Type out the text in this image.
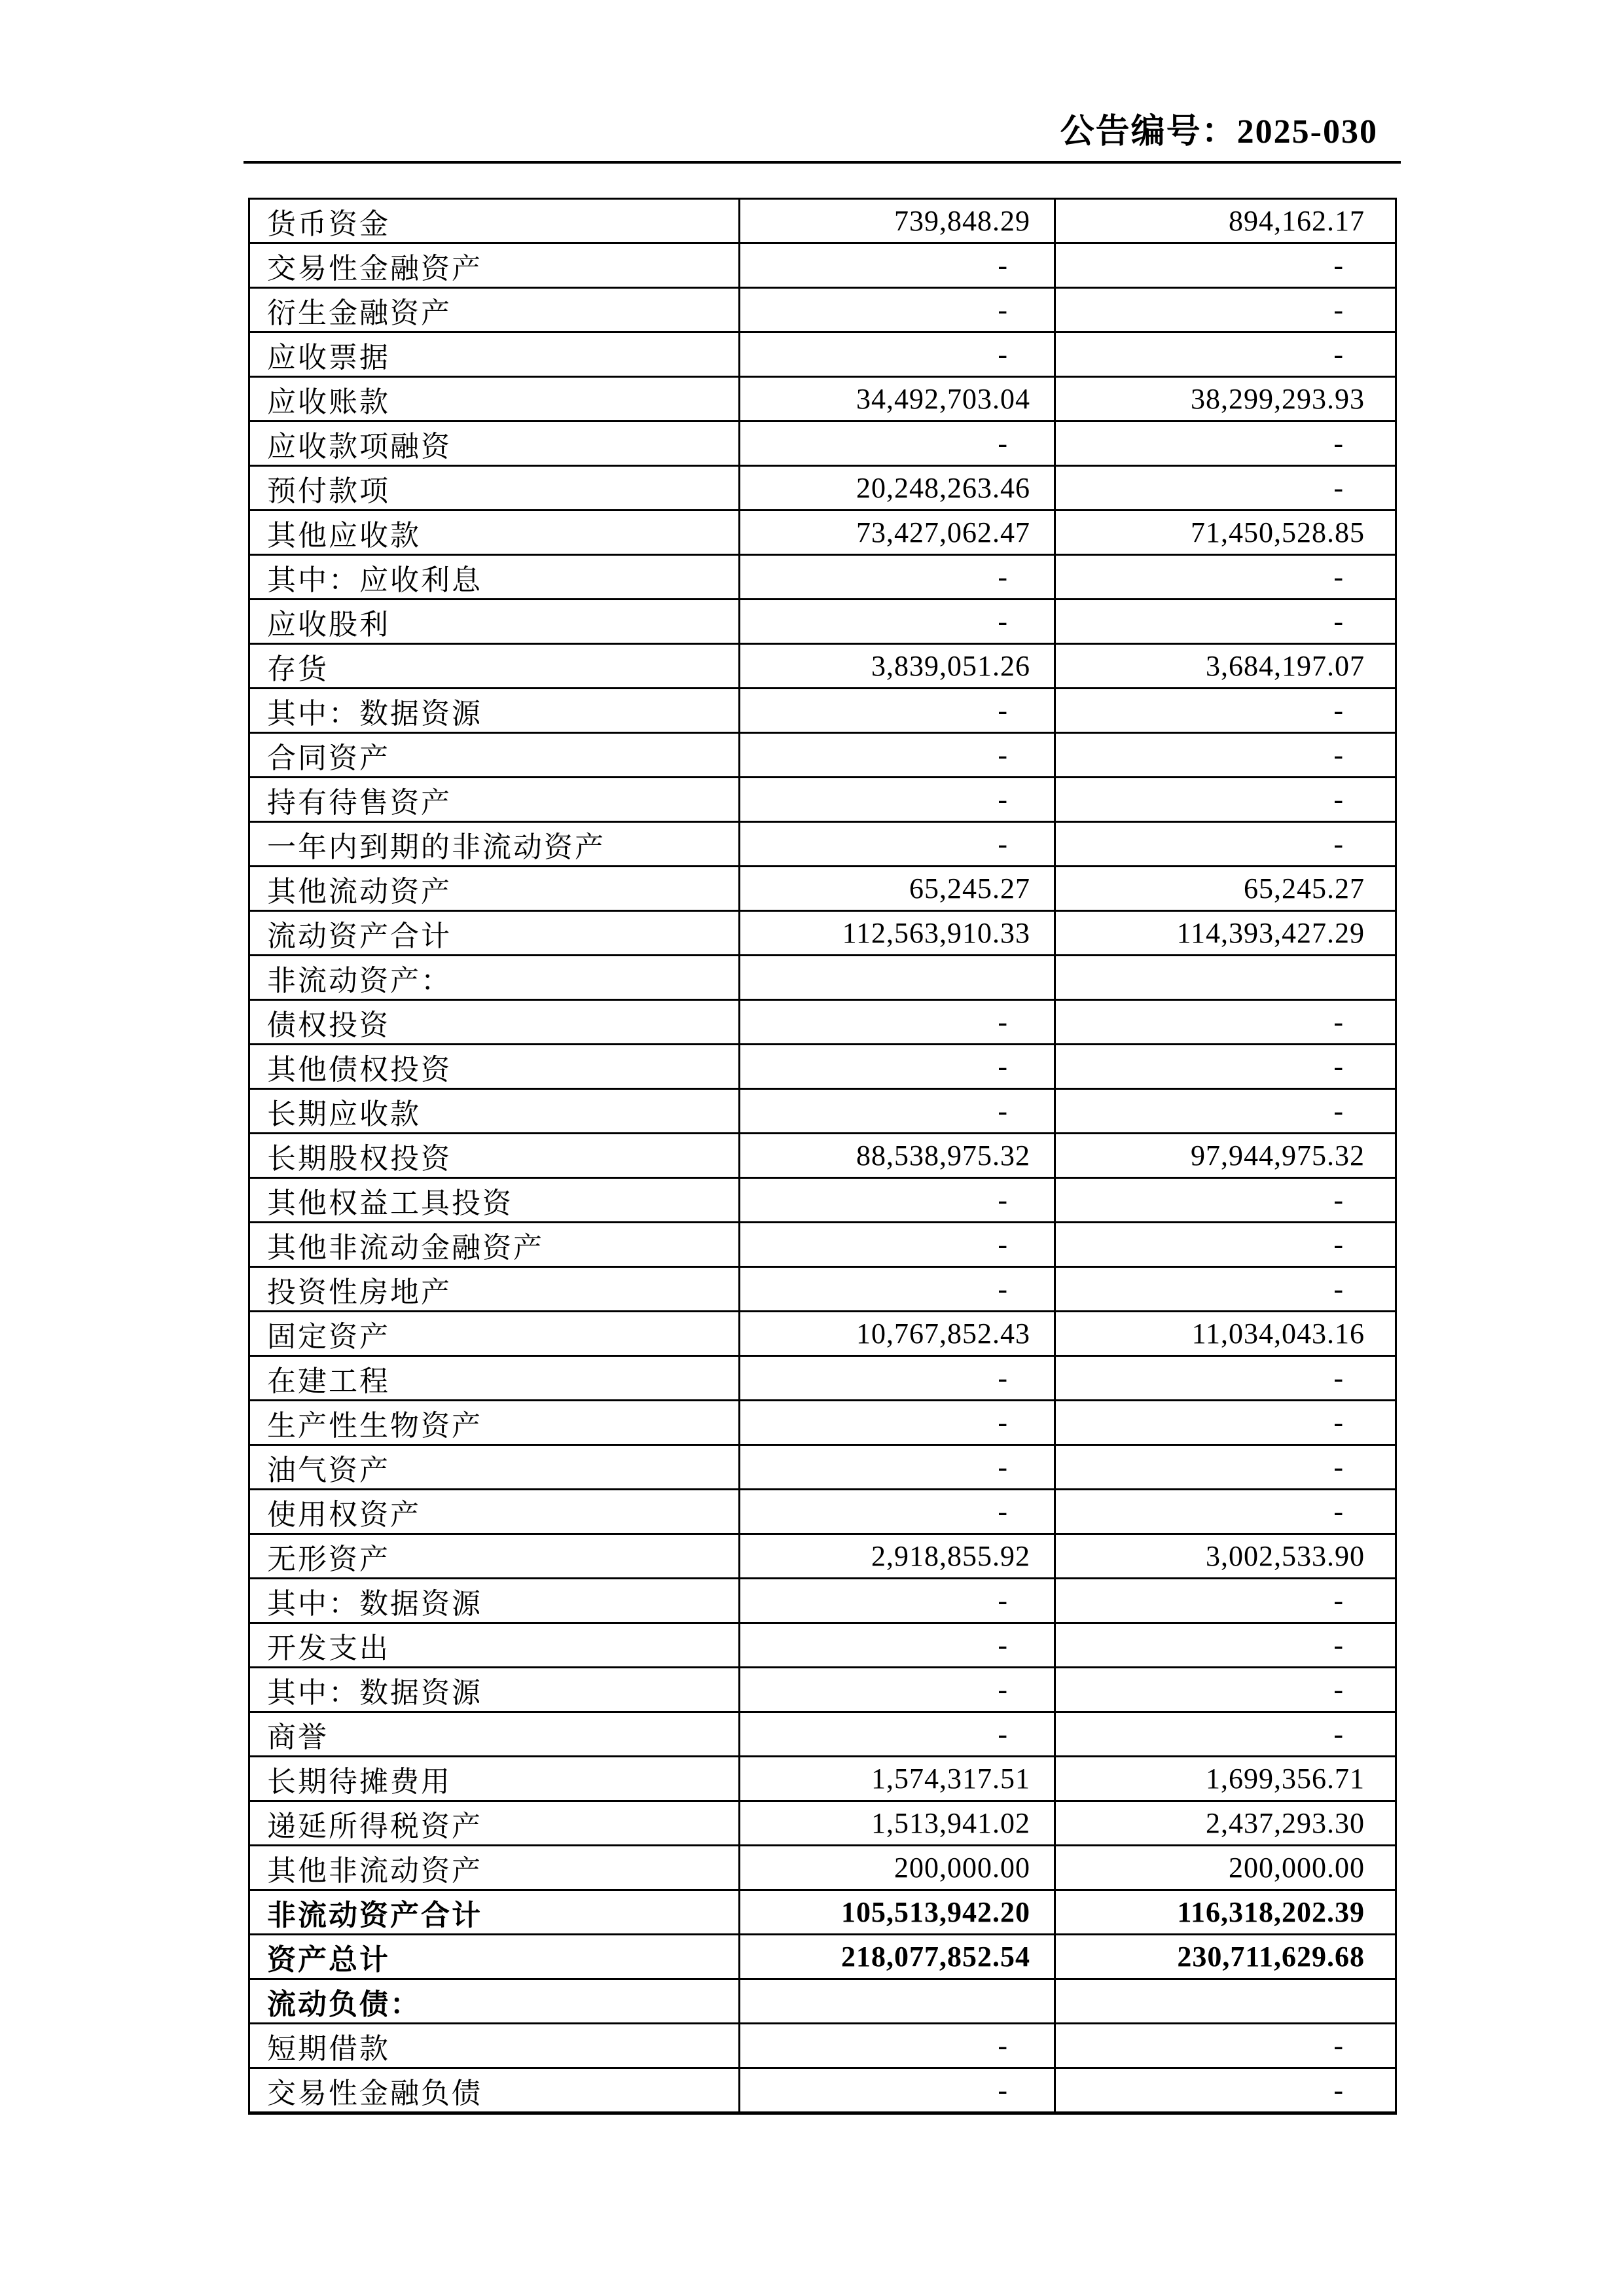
公告编号：2025-030
货币资金	739,848.29	894,162.17
交易性金融资产	-	-
衍生金融资产	-	-
应收票据	-	-
应收账款	34,492,703.04	38,299,293.93
应收款项融资	-	-
预付款项	20,248,263.46	-
其他应收款	73,427,062.47	71,450,528.85
其中：应收利息	-	-
应收股利	-	-
存货	3,839,051.26	3,684,197.07
其中：数据资源	-	-
合同资产	-	-
持有待售资产	-	-
一年内到期的非流动资产	-	-
其他流动资产	65,245.27	65,245.27
流动资产合计	112,563,910.33	114,393,427.29
非流动资产：
债权投资	-	-
其他债权投资	-	-
长期应收款	-	-
长期股权投资	88,538,975.32	97,944,975.32
其他权益工具投资	-	-
其他非流动金融资产	-	-
投资性房地产	-	-
固定资产	10,767,852.43	11,034,043.16
在建工程	-	-
生产性生物资产	-	-
油气资产	-	-
使用权资产	-	-
无形资产	2,918,855.92	3,002,533.90
其中：数据资源	-	-
开发支出	-	-
其中：数据资源	-	-
商誉	-	-
长期待摊费用	1,574,317.51	1,699,356.71
递延所得税资产	1,513,941.02	2,437,293.30
其他非流动资产	200,000.00	200,000.00
非流动资产合计	105,513,942.20	116,318,202.39
资产总计	218,077,852.54	230,711,629.68
流动负债：
短期借款	-	-
交易性金融负债	-	-
